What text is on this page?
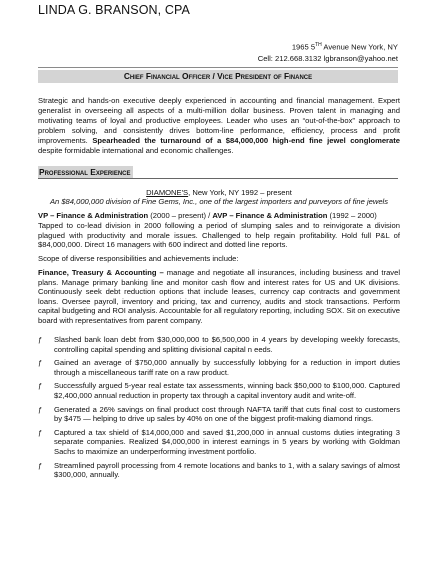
LINDA G. BRANSON, CPA
1965 5TH Avenue New York, NY
Cell: 212.668.3132 lgbranson@yahoo.net
Chief Financial Officer / Vice President of Finance
Strategic and hands-on executive deeply experienced in accounting and financial management. Expert generalist in overseeing all aspects of a multi-million dollar business. Proven talent in managing and motivating teams of loyal and productive employees. Leader who uses an “out-of-the-box” approach to problem solving, and consistently drives bottom-line performance, efficiency, process and profit improvements. Spearheaded the turnaround of a $84,000,000 high-end fine jewel conglomerate despite formidable international and economic challenges.
Professional Experience
DIAMONE'S, New York, NY 1992 – present
An $84,000,000 division of Fine Gems, Inc., one of the largest importers and purveyors of fine jewels
VP – Finance & Administration (2000 – present) / AVP – Finance & Administration (1992 – 2000)
Tapped to co-lead division in 2000 following a period of slumping sales and to reinvigorate a division plagued with productivity and morale issues. Challenged to help regain profitability. Hold full P&L of $84,000,000. Direct 16 managers with 600 indirect and dotted line reports.
Scope of diverse responsibilities and achievements include:
Finance, Treasury & Accounting – manage and negotiate all insurances, including business and travel plans. Manage primary banking line and monitor cash flow and interest rates for US and UK divisions. Continuously seek debt reduction options that include leases, currency cap contracts and government loans. Oversee payroll, inventory and pricing, tax and currency, audits and stock transactions. Perform capital budgeting and ROI analysis. Accountable for all regulatory reporting, including SOX. Sit on executive board with representatives from parent company.
ƒ Slashed bank loan debt from $30,000,000 to $6,500,000 in 4 years by developing weekly forecasts, controlling capital spending and splitting divisional capital n eeds.
ƒ Gained an average of $750,000 annually by successfully lobbying for a reduction in import duties through a miscellaneous tariff rate on a raw product.
ƒ Successfully argued 5-year real estate tax assessments, winning back $50,000 to $100,000. Captured $2,400,000 annual reduction in property tax through a capital inventory audit and write-off.
ƒ Generated a 26% savings on final product cost through NAFTA tariff that cuts final cost to customers by $475 — helping to drive up sales by 40% on one of the biggest profit-making diamond rings.
ƒ Captured a tax shield of $14,000,000 and saved $1,200,000 in annual customs duties integrating 3 separate companies. Realized $4,000,000 in interest earnings in 5 years by working with Goldman Sachs to maximize an underperforming investment portfolio.
ƒ Streamlined payroll processing from 4 remote locations and banks to 1, with a salary savings of almost $300,000, annually.
